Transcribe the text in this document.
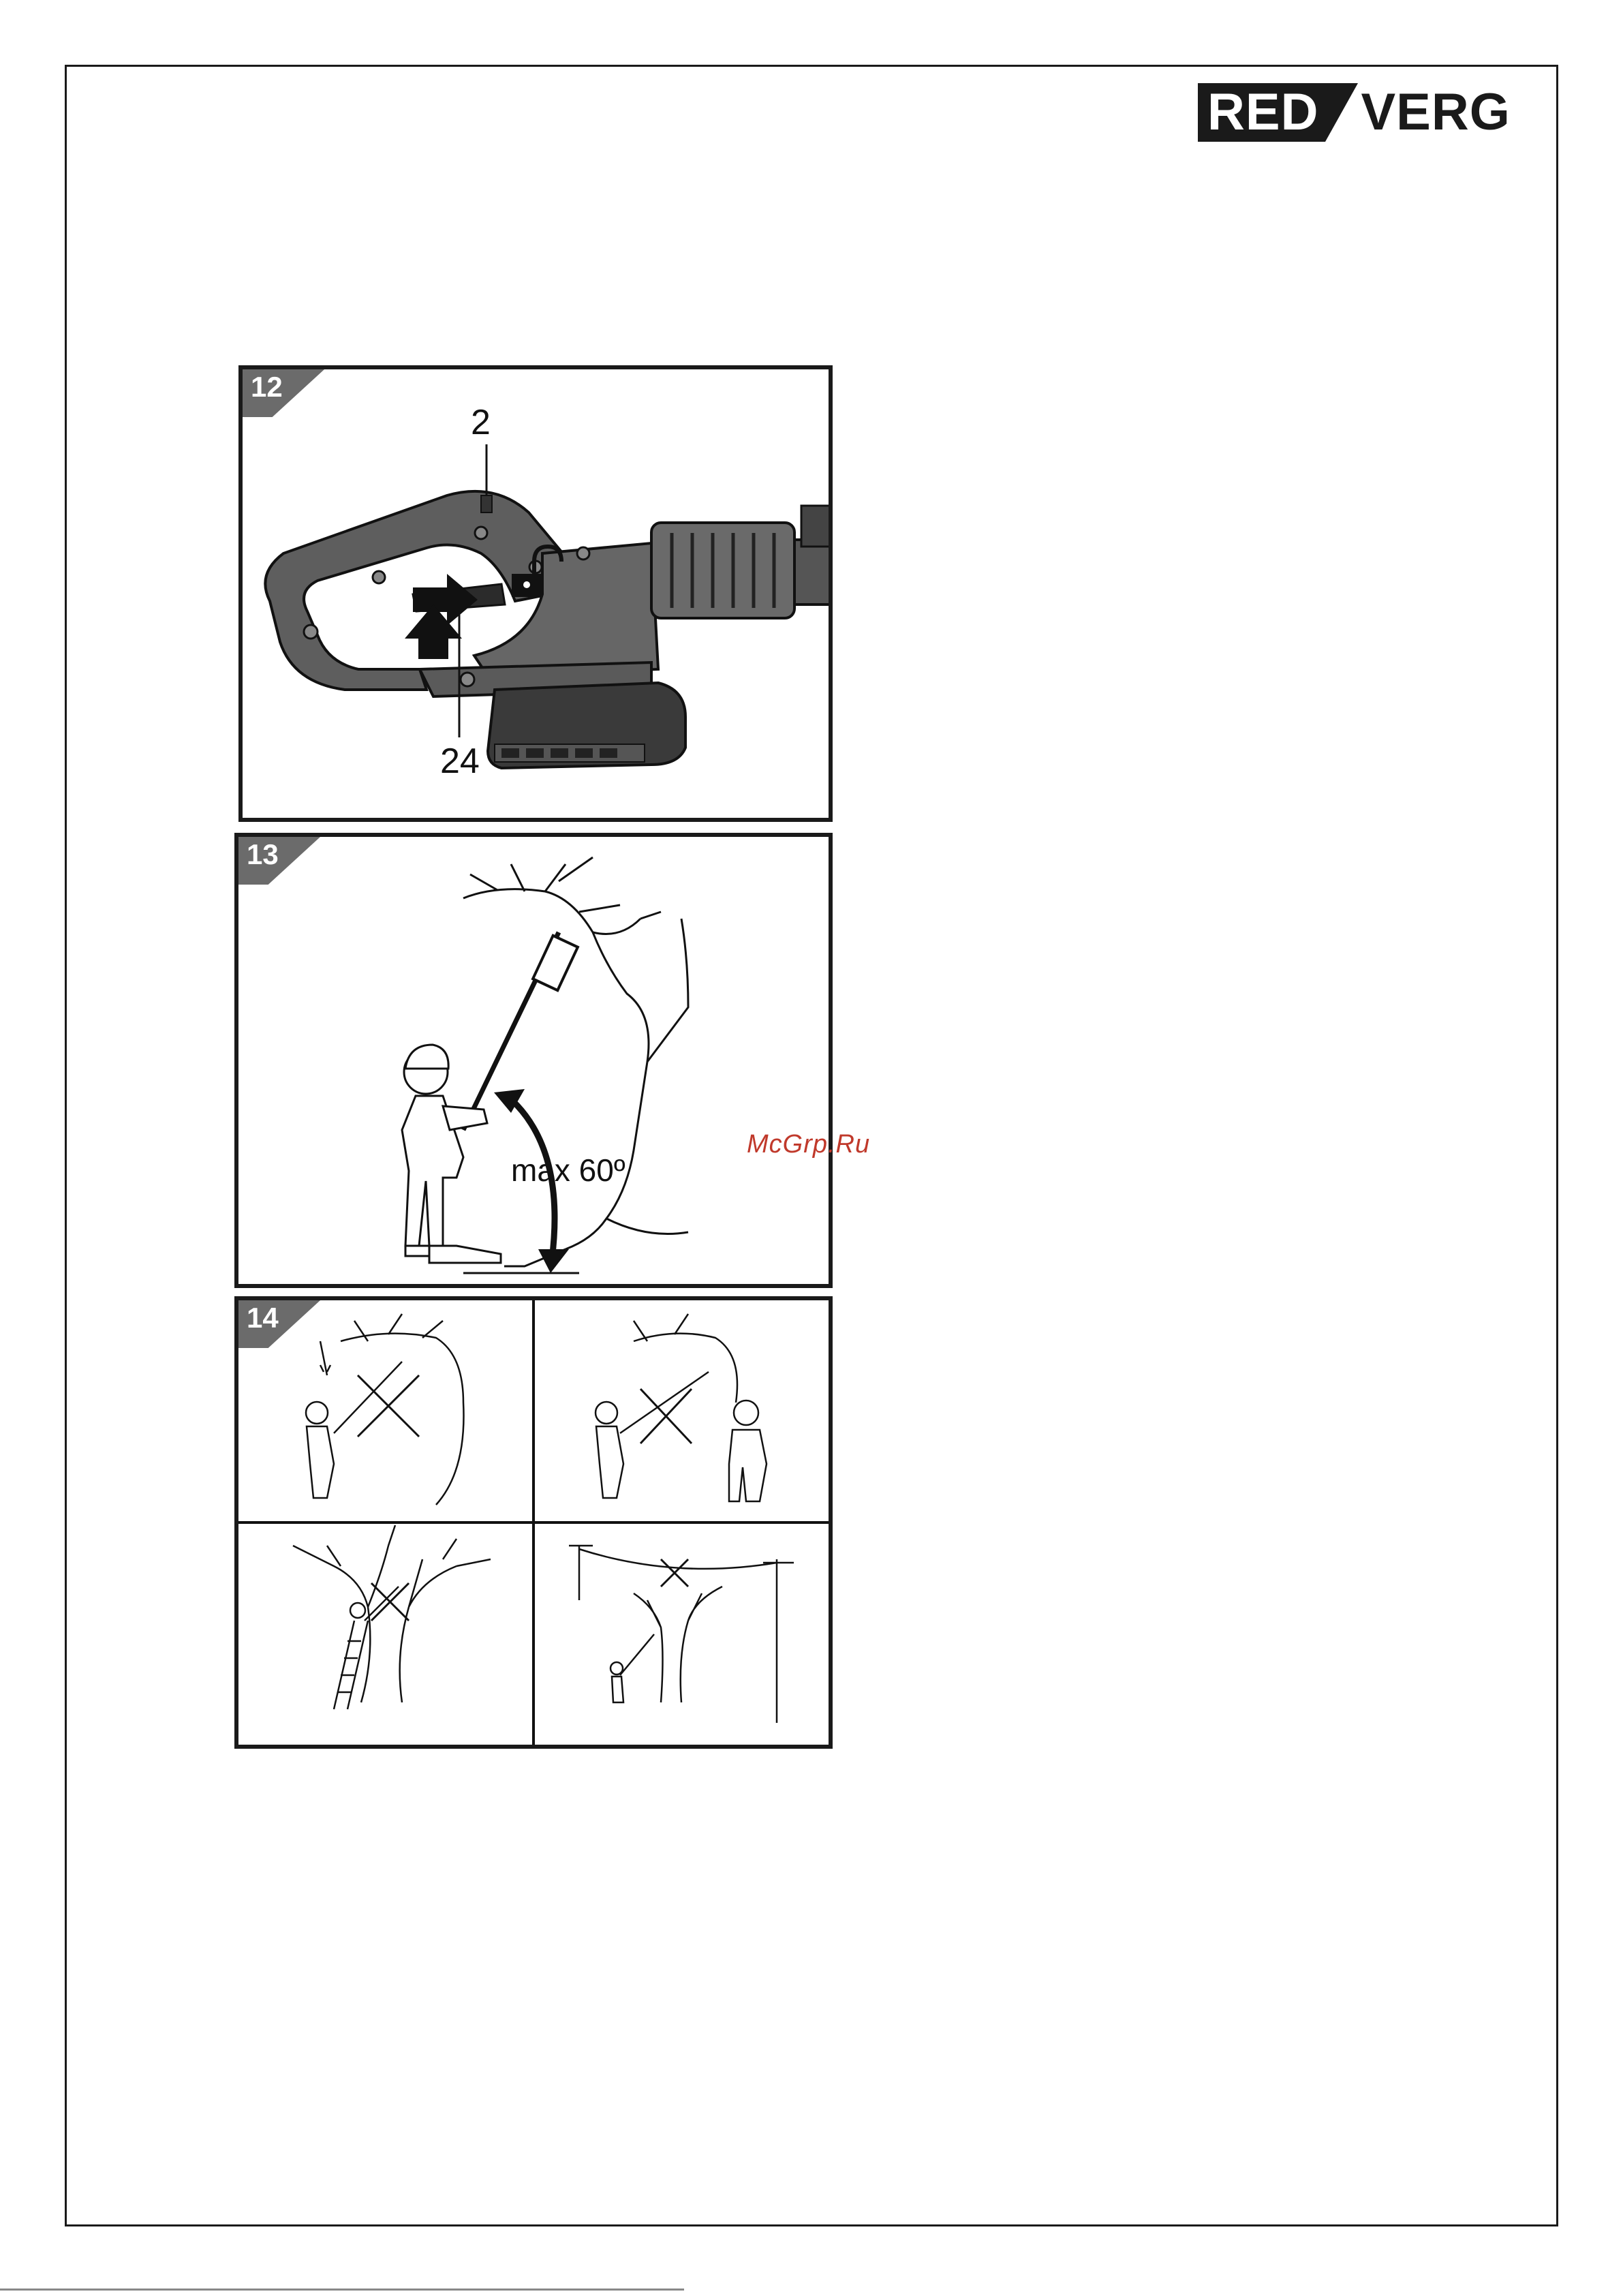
RED VERG
12
2
24
13
max 60º
14
McGrp.Ru
